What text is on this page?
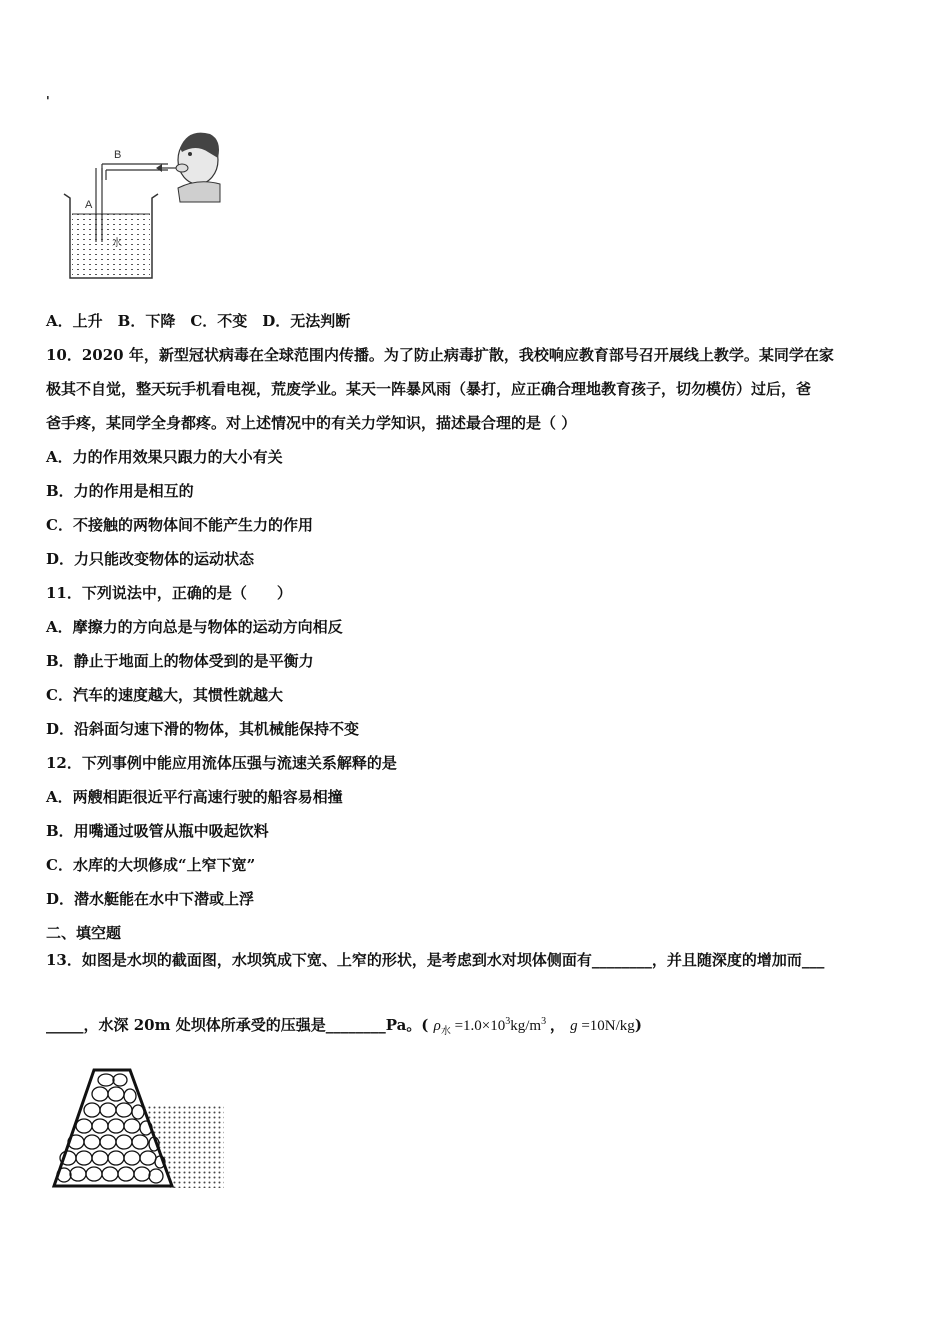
'
B
A
水
A．上升　B．下降　C．不变　D．无法判断
10．2020 年，新型冠状病毒在全球范围内传播。为了防止病毒扩散，我校响应教育部号召开展线上教学。某同学在家
极其不自觉，整天玩手机看电视，荒废学业。某天一阵暴风雨（暴打，应正确合理地教育孩子，切勿模仿）过后，爸
爸手疼，某同学全身都疼。对上述情况中的有关力学知识，描述最合理的是（ ）
A．力的作用效果只跟力的大小有关
B．力的作用是相互的
C．不接触的两物体间不能产生力的作用
D．力只能改变物体的运动状态
11．下列说法中，正确的是（　　）
A．摩擦力的方向总是与物体的运动方向相反
B．静止于地面上的物体受到的是平衡力
C．汽车的速度越大，其惯性就越大
D．沿斜面匀速下滑的物体，其机械能保持不变
12．下列事例中能应用流体压强与流速关系解释的是
A．两艘相距很近平行高速行驶的船容易相撞
B．用嘴通过吸管从瓶中吸起饮料
C．水库的大坝修成“上窄下宽”
D．潜水艇能在水中下潜或上浮
二、填空题
13．如图是水坝的截面图，水坝筑成下宽、上窄的形状，是考虑到水对坝体侧面有________，并且随深度的增加而___
_____，水深 20m 处坝体所承受的压强是________Pa。( $\rho_水 =1.0\times 10^3kg/m^3$ ， g =10N/kg)
